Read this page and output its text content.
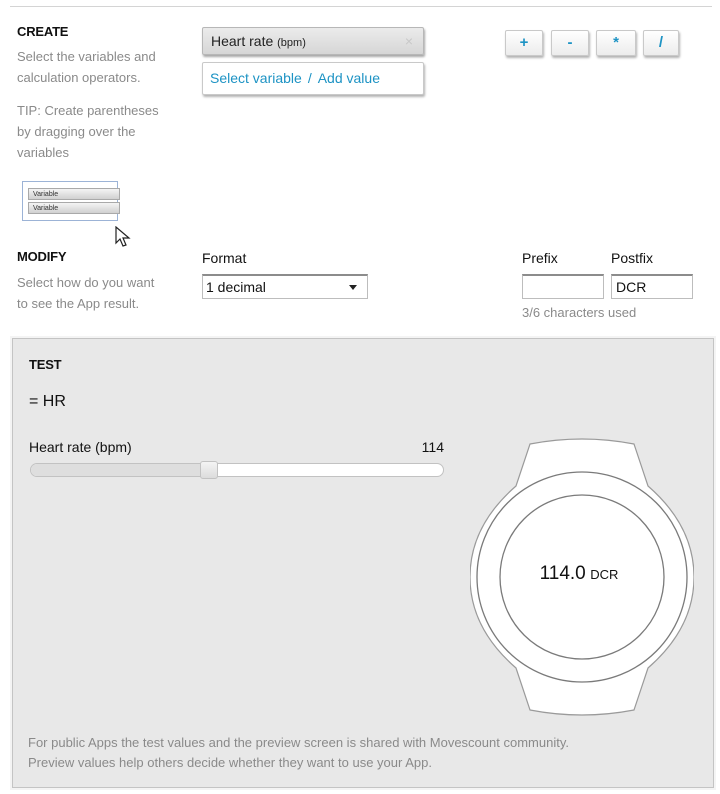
CREATE
Select the variables and
calculation operators.
TIP: Create parentheses
by dragging over the
variables
Variable
Variable
Heart rate (bpm)	×
Select variable / Add value
+	-	*	/
MODIFY
Select how do you want
to see the App result.
Format
1 decimal
Prefix	Postfix
DCR
3/6 characters used
TEST
= HR
Heart rate (bpm)	114
114.0 DCR
For public Apps the test values and the preview screen is shared with Movescount community.
Preview values help others decide whether they want to use your App.
